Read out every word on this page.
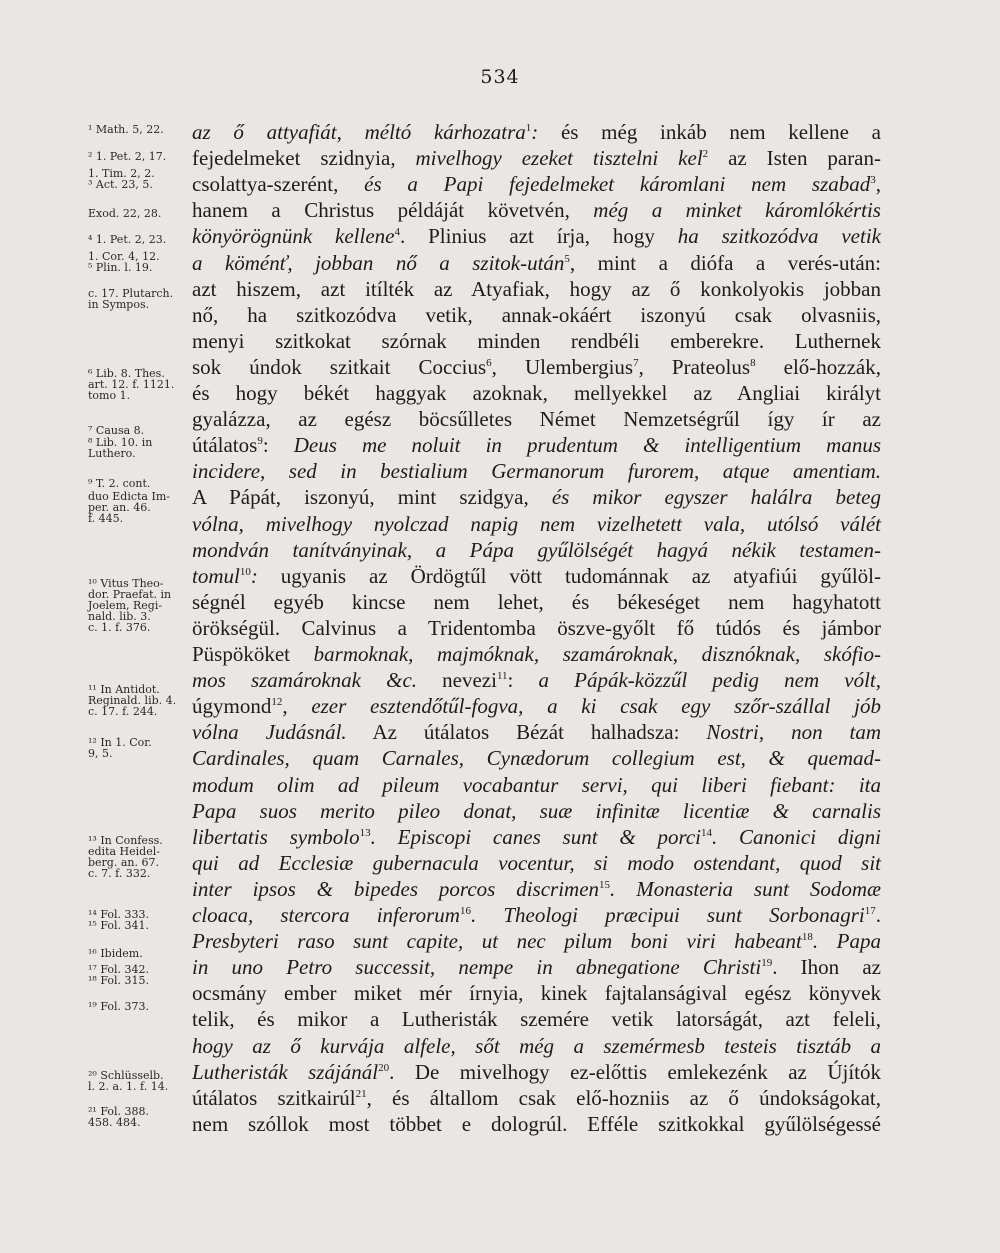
534
¹ Math. 5, 22.
² 1. Pet. 2, 17.
1. Tim. 2, 2.
³ Act. 23, 5.
Exod. 22, 28.
⁴ 1. Pet. 2, 23.
1. Cor. 4, 12.
⁵ Plin. l. 19.
c. 17. Plutarch.
in Sympos.
⁶ Lib. 8. Thes.
art. 12. f. 1121.
tomo 1.
⁷ Causa 8.
⁸ Lib. 10. in
Luthero.
⁹ T. 2. cont.
duo Edicta Im-
per. an. 46.
f. 445.
¹⁰ Vitus Theo-
dor. Praefat. in
Joelem, Regi-
nald. lib. 3.
c. 1. f. 376.
¹¹ In Antidot.
Reginald. lib. 4.
c. 17. f. 244.
¹² In 1. Cor.
9, 5.
¹³ In Confess.
edita Heidel-
berg. an. 67.
c. 7. f. 332.
¹⁴ Fol. 333.
¹⁵ Fol. 341.
¹⁶ Ibidem.
¹⁷ Fol. 342.
¹⁸ Fol. 315.
¹⁹ Fol. 373.
²⁰ Schlüsselb.
l. 2. a. 1. f. 14.
²¹ Fol. 388.
458. 484.
az ő attyafiát, méltó kárhozatra$^1$: és még inkáb nem kellene a
fejedelmeket szidnyia, mivelhogy ezeket tisztelni kel$^2$ az Isten paran-
csolattya-szerént, és a Papi fejedelmeket káromlani nem szabad$^3$,
hanem a Christus példáját követvén, még a minket káromlókértis
könyörögnünk kellene$^4$. Plinius azt írja, hogy ha szitkozódva vetik
a köménť, jobban nő a szitok-után$^5$, mint a diófa a verés-után:
azt hiszem, azt itílték az Atyafiak, hogy az ő konkolyokis jobban
nő, ha szitkozódva vetik, annak-okáért iszonyú csak olvasniis,
menyi szitkokat szórnak minden rendbéli emberekre. Luthernek
sok úndok szitkait Coccius$^6$, Ulembergius$^7$, Prateolus$^8$ elő-hozzák,
és hogy békét haggyak azoknak, mellyekkel az Angliai királyt
gyalázza, az egész böcsűlletes Német Nemzetségrűl így ír az
útálatos$^9$: Deus me noluit in prudentum & intelligentium manus
incidere, sed in bestialium Germanorum furorem, atque amentiam.
A Pápát, iszonyú, mint szidgya, és mikor egyszer halálra beteg
vólna, mivelhogy nyolczad napig nem vizelhetett vala, utólsó válét
mondván tanítványinak, a Pápa gyűlölségét hagyá nékik testamen-
tomul$^{10}$: ugyanis az Ördögtűl vött tudománnak az atyafiúi gyűlöl-
ségnél egyéb kincse nem lehet, és békeséget nem hagyhatott
örökségül. Calvinus a Tridentomba öszve-győlt fő túdós és jámbor
Püspököket barmoknak, majmóknak, szamároknak, disznóknak, skófio-
mos szamároknak &c. nevezi$^{11}$: a Pápák-közzűl pedig nem vólt,
úgymond$^{12}$, ezer esztendőtűl-fogva, a ki csak egy szőr-szállal jób
vólna Judásnál. Az útálatos Bézát halhadsza: Nostri, non tam
Cardinales, quam Carnales, Cynædorum collegium est, & quemad-
modum olim ad pileum vocabantur servi, qui liberi fiebant: ita
Papa suos merito pileo donat, suæ infinitæ licentiæ & carnalis
libertatis symbolo$^{13}$. Episcopi canes sunt & porci$^{14}$. Canonici digni
qui ad Ecclesiæ gubernacula vocentur, si modo ostendant, quod sit
inter ipsos & bipedes porcos discrimen$^{15}$. Monasteria sunt Sodomæ
cloaca, stercora inferorum$^{16}$. Theologi præcipui sunt Sorbonagri$^{17}$.
Presbyteri raso sunt capite, ut nec pilum boni viri habeant$^{18}$. Papa
in uno Petro successit, nempe in abnegatione Christi$^{19}$. Ihon az
ocsmány ember miket mér írnyia, kinek fajtalanságival egész könyvek
telik, és mikor a Lutheristák szemére vetik latorságát, azt feleli,
hogy az ő kurvája alfele, sőt még a szemérmesb testeis tisztáb a
Lutheristák szájánál$^{20}$. De mivelhogy ez-előttis emlekezénk az Újítók
útálatos szitkairúl$^{21}$, és általlom csak elő-hozniis az ő úndokságokat,
nem szóllok most többet e dologrúl. Efféle szitkokkal gyűlölségessé
